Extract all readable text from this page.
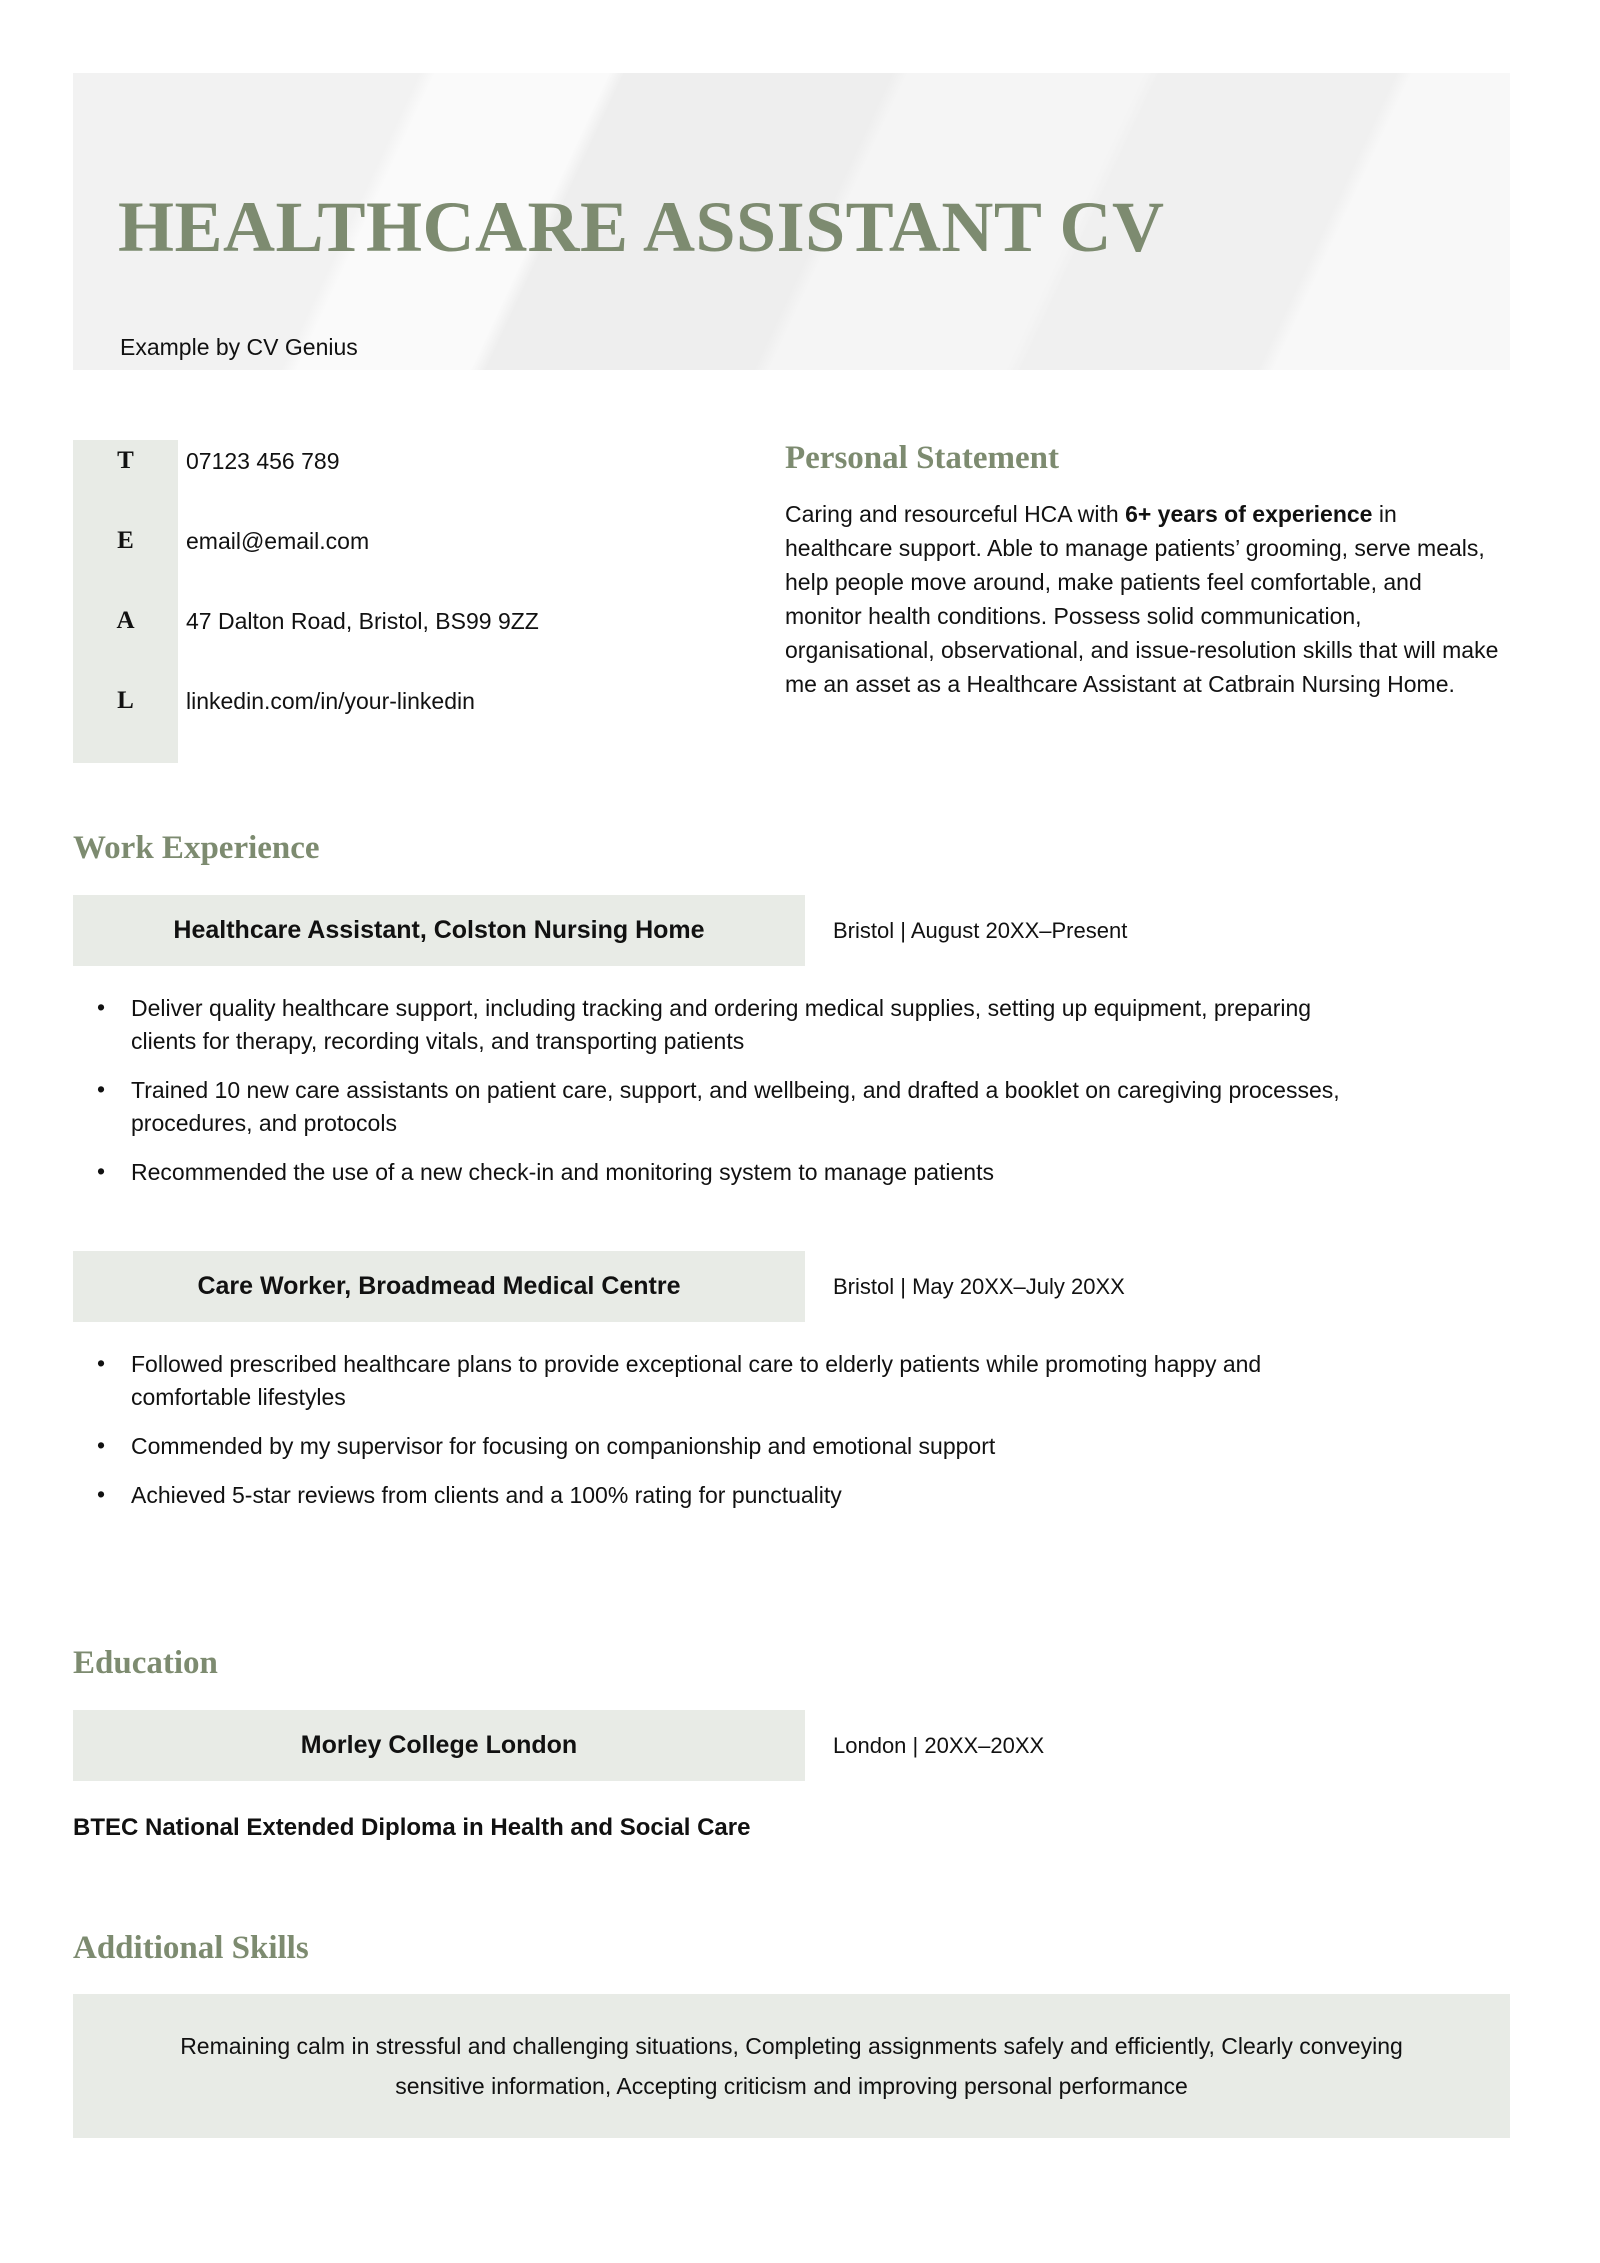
HEALTHCARE ASSISTANT CV
Example by CV Genius
T	07123 456 789
E	email@email.com
A	47 Dalton Road, Bristol, BS99 9ZZ
L	linkedin.com/in/your-linkedin
Personal Statement
Caring and resourceful HCA with 6+ years of experience in healthcare support. Able to manage patients’ grooming, serve meals, help people move around, make patients feel comfortable, and monitor health conditions. Possess solid communication, organisational, observational, and issue-resolution skills that will make me an asset as a Healthcare Assistant at Catbrain Nursing Home.
Work Experience
Healthcare Assistant, Colston Nursing Home	Bristol | August 20XX–Present
• Deliver quality healthcare support, including tracking and ordering medical supplies, setting up equipment, preparing clients for therapy, recording vitals, and transporting patients
• Trained 10 new care assistants on patient care, support, and wellbeing, and drafted a booklet on caregiving processes, procedures, and protocols
• Recommended the use of a new check-in and monitoring system to manage patients
Care Worker, Broadmead Medical Centre	Bristol | May 20XX–July 20XX
• Followed prescribed healthcare plans to provide exceptional care to elderly patients while promoting happy and comfortable lifestyles
• Commended by my supervisor for focusing on companionship and emotional support
• Achieved 5-star reviews from clients and a 100% rating for punctuality
Education
Morley College London	London | 20XX–20XX
BTEC National Extended Diploma in Health and Social Care
Additional Skills
Remaining calm in stressful and challenging situations, Completing assignments safely and efficiently, Clearly conveying sensitive information, Accepting criticism and improving personal performance
